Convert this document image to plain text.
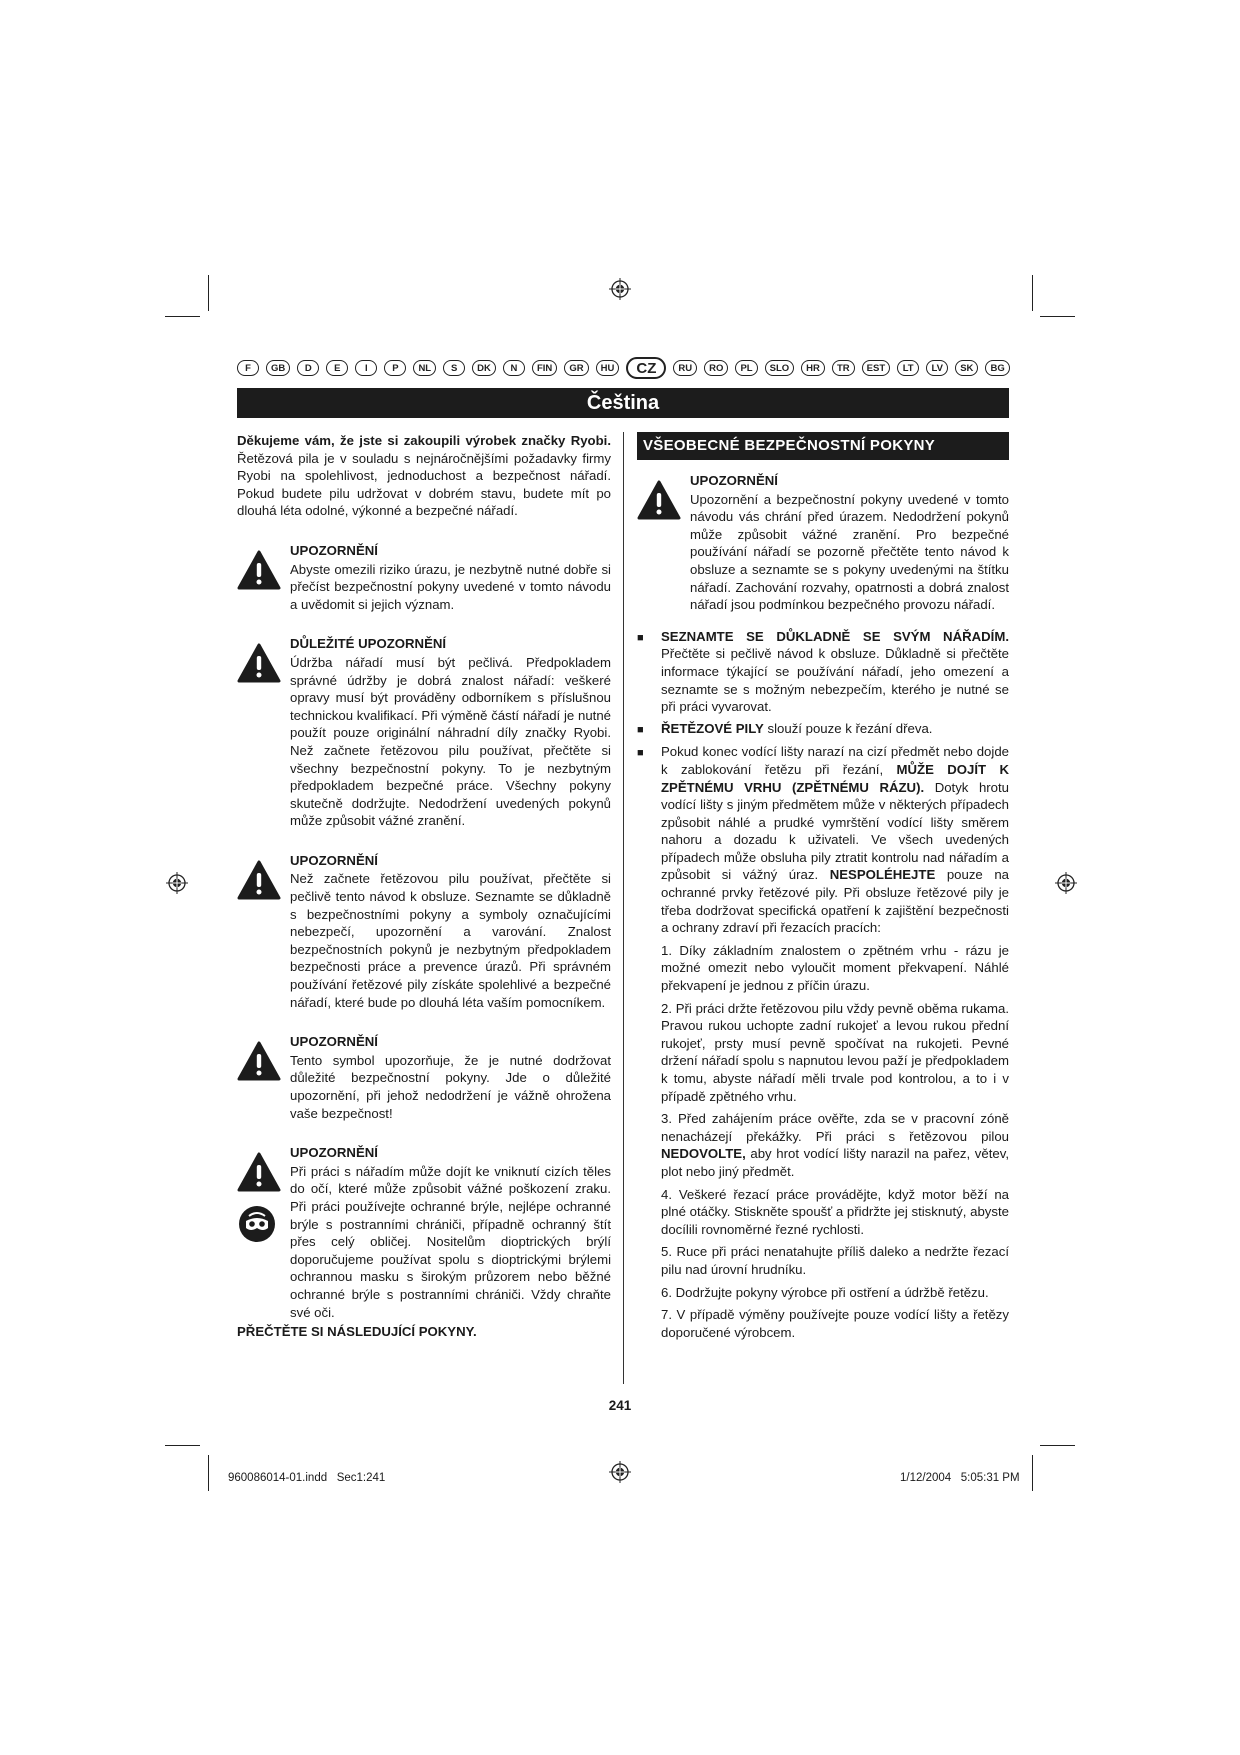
F	GB	D	E	I	P	NL	S	DK	N	FIN	GR	HU	CZ	RU	RO	PL	SLO	HR	TR	EST	LT	LV	SK	BG
Čeština

Děkujeme vám, že jste si zakoupili výrobek značky Ryobi. Řetězová pila je v souladu s nejnáročnějšími požadavky firmy Ryobi na spolehlivost, jednoduchost a bezpečnost nářadí. Pokud budete pilu udržovat v dobrém stavu, budete mít po dlouhá léta odolné, výkonné a bezpečné nářadí.

UPOZORNĚNÍ

Abyste omezili riziko úrazu, je nezbytně nutné dobře si přečíst bezpečnostní pokyny uvedené v tomto návodu a uvědomit si jejich význam.

DŮLEŽITÉ UPOZORNĚNÍ

Údržba nářadí musí být pečlivá. Předpokladem správné údržby je dobrá znalost nářadí: veškeré opravy musí být prováděny odborníkem s příslušnou technickou kvalifikací. Při výměně částí nářadí je nutné použít pouze originální náhradní díly značky Ryobi. Než začnete řetězovou pilu používat, přečtěte si všechny bezpečnostní pokyny. To je nezbytným předpokladem bezpečné práce. Všechny pokyny skutečně dodržujte. Nedodržení uvedených pokynů může způsobit vážné zranění.

UPOZORNĚNÍ

Než začnete řetězovou pilu používat, přečtěte si pečlivě tento návod k obsluze. Seznamte se důkladně s bezpečnostními pokyny a symboly označujícími nebezpečí, upozornění a varování. Znalost bezpečnostních pokynů je nezbytným předpokladem bezpečnosti práce a prevence úrazů. Při správném používání řetězové pily získáte spolehlivé a bezpečné nářadí, které bude po dlouhá léta vaším pomocníkem.

UPOZORNĚNÍ

Tento symbol upozorňuje, že je nutné dodržovat důležité bezpečnostní pokyny. Jde o důležité upozornění, při jehož nedodržení je vážně ohrožena vaše bezpečnost!

UPOZORNĚNÍ

Při práci s nářadím může dojít ke vniknutí cizích těles do očí, které může způsobit vážné poškození zraku. Při práci používejte ochranné brýle, nejlépe ochranné brýle s postranními chrániči, případně ochranný štít přes celý obličej. Nositelům dioptrických brýlí doporučujeme používat spolu s dioptrickými brýlemi ochrannou masku s širokým průzorem nebo běžné ochranné brýle s postranními chrániči. Vždy chraňte své oči.

PŘEČTĚTE SI NÁSLEDUJÍCÍ POKYNY.

VŠEOBECNÉ BEZPEČNOSTNÍ POKYNY
UPOZORNĚNÍ

Upozornění a bezpečnostní pokyny uvedené v tomto návodu vás chrání před úrazem. Nedodržení pokynů může způsobit vážné zranění. Pro bezpečné používání nářadí se pozorně přečtěte tento návod k obsluze a seznamte se s pokyny uvedenými na štítku nářadí. Zachování rozvahy, opatrnosti a dobrá znalost nářadí jsou podmínkou bezpečného provozu nářadí.

■	SEZNAMTE SE DŮKLADNĚ SE SVÝM NÁŘADÍM. Přečtěte si pečlivě návod k obsluze. Důkladně si přečtěte informace týkající se používání nářadí, jeho omezení a seznamte se s možným nebezpečím, kterého je nutné se při práci vyvarovat.

■	ŘETĚZOVÉ PILY slouží pouze k řezání dřeva.

■	Pokud konec vodící lišty narazí na cizí předmět nebo dojde k zablokování řetězu při řezání, MŮŽE DOJÍT K ZPĚTNÉMU VRHU (ZPĚTNÉMU RÁZU). Dotyk hrotu vodící lišty s jiným předmětem může v některých případech způsobit náhlé a prudké vymrštění vodící lišty směrem nahoru a dozadu k uživateli. Ve všech uvedených případech může obsluha pily ztratit kontrolu nad nářadím a způsobit si vážný úraz. NESPOLÉHEJTE pouze na ochranné prvky řetězové pily. Při obsluze řetězové pily je třeba dodržovat specifická opatření k zajištění bezpečnosti a ochrany zdraví při řezacích pracích:

1. Díky základním znalostem o zpětném vrhu - rázu je možné omezit nebo vyloučit moment překvapení. Náhlé překvapení je jednou z příčin úrazu.

2. Při práci držte řetězovou pilu vždy pevně oběma rukama. Pravou rukou uchopte zadní rukojeť a levou rukou přední rukojeť, prsty musí pevně spočívat na rukojeti. Pevné držení nářadí spolu s napnutou levou paží je předpokladem k tomu, abyste nářadí měli trvale pod kontrolou, a to i v případě zpětného vrhu.

3. Před zahájením práce ověřte, zda se v pracovní zóně nenacházejí překážky. Při práci s řetězovou pilou NEDOVOLTE, aby hrot vodící lišty narazil na pařez, větev, plot nebo jiný předmět.

4. Veškeré řezací práce provádějte, když motor běží na plné otáčky. Stiskněte spoušť a přidržte jej stisknutý, abyste docílili rovnoměrné řezné rychlosti.

5. Ruce při práci nenatahujte příliš daleko a nedržte řezací pilu nad úrovní hrudníku.

6. Dodržujte pokyny výrobce při ostření a údržbě řetězu.

7. V případě výměny používejte pouze vodící lišty a řetězy doporučené výrobcem.

241
960086014-01.indd   Sec1:241	1/12/2004   5:05:31 PM
